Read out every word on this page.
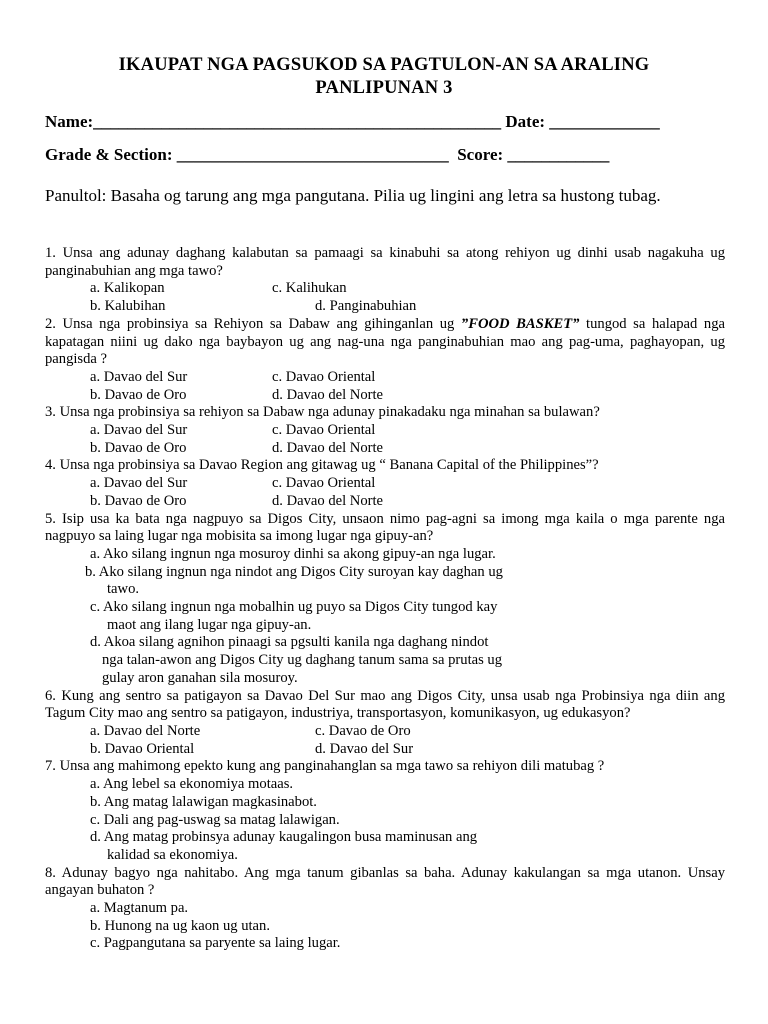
IKAUPAT NGA PAGSUKOD SA PAGTULON-AN SA ARALING
PANLIPUNAN 3
Name:________________________________________________ Date: _____________
Grade & Section: ________________________________  Score: ____________
Panultol: Basaha og tarung ang mga pangutana. Pilia ug lingini ang letra sa hustong tubag.
1. Unsa ang adunay daghang kalabutan sa pamaagi sa kinabuhi sa atong rehiyon ug dinhi usab nagakuha ug panginabuhian ang mga tawo?
a. Kalikopan	c. Kalihukan
b. Kalubihan	d. Panginabuhian
2. Unsa nga probinsiya sa Rehiyon sa Dabaw ang gihinganlan ug ”FOOD BASKET” tungod sa halapad nga kapatagan niini ug dako nga baybayon ug ang nag-una nga panginabuhian mao ang pag-uma, paghayopan, ug pangisda ?
a. Davao del Sur	c. Davao Oriental
b. Davao de Oro	d. Davao del Norte
3. Unsa nga probinsiya sa rehiyon sa Dabaw nga adunay pinakadaku nga minahan sa bulawan?
a. Davao del Sur	c. Davao Oriental
b. Davao de Oro	d. Davao del Norte
4. Unsa nga probinsiya sa Davao Region ang gitawag ug “ Banana Capital of the Philippines”?
a. Davao del Sur	c. Davao Oriental
b. Davao de Oro	d. Davao del Norte
5. Isip usa ka bata nga nagpuyo sa Digos City, unsaon nimo pag-agni sa imong mga kaila o mga parente nga nagpuyo sa laing lugar nga mobisita sa imong lugar nga gipuy-an?
a. Ako silang ingnun nga mosuroy dinhi sa akong gipuy-an nga lugar.
b. Ako silang ingnun nga nindot ang Digos City suroyan kay daghan ug
tawo.
c. Ako silang ingnun nga mobalhin ug puyo sa Digos City tungod kay
maot ang ilang lugar nga gipuy-an.
d. Akoa silang agnihon pinaagi sa pgsulti kanila nga daghang nindot
nga talan-awon ang Digos City ug daghang tanum sama sa prutas ug
gulay aron ganahan sila mosuroy.
6. Kung ang sentro sa patigayon sa Davao Del Sur mao ang Digos City, unsa usab nga Probinsiya nga diin ang Tagum City mao ang sentro sa patigayon, industriya, transportasyon, komunikasyon, ug edukasyon?
a. Davao del Norte	c. Davao de Oro
b. Davao Oriental	d. Davao del Sur
7. Unsa ang mahimong epekto kung ang panginahanglan sa mga tawo sa rehiyon dili matubag ?
a. Ang lebel sa ekonomiya motaas.
b. Ang matag lalawigan magkasinabot.
c. Dali ang pag-uswag sa matag lalawigan.
d. Ang matag probinsya adunay kaugalingon busa maminusan ang
kalidad sa ekonomiya.
8. Adunay bagyo nga nahitabo. Ang mga tanum gibanlas sa baha. Adunay kakulangan sa mga utanon. Unsay angayan buhaton ?
a. Magtanum pa.
b. Hunong na ug kaon ug utan.
c. Pagpangutana sa paryente sa laing lugar.
